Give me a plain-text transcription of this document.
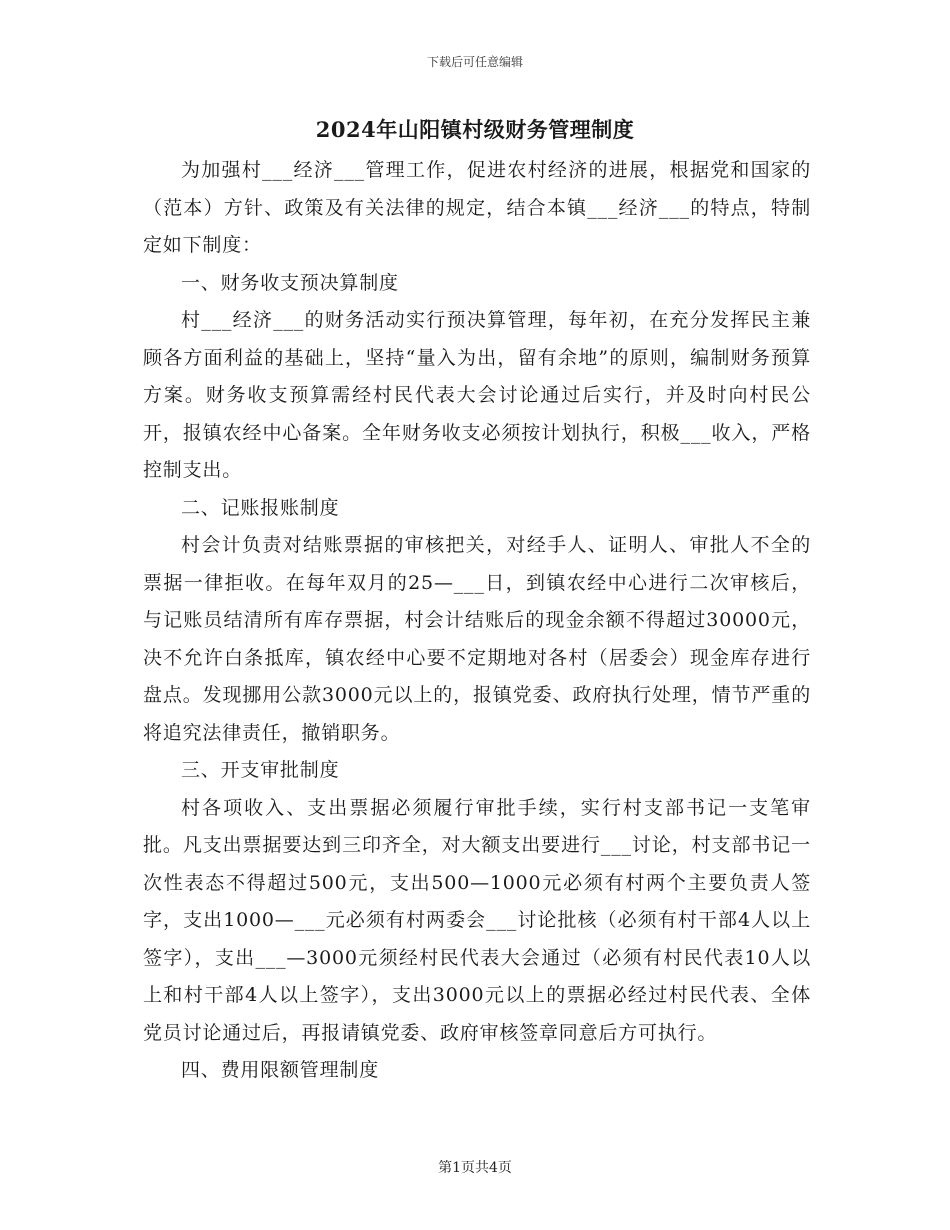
下载后可任意编辑
2024年山阳镇村级财务管理制度

为加强村___经济___管理工作，促进农村经济的进展，根据党和国家的（范本）方针、政策及有关法律的规定，结合本镇___经济___的特点，特制定如下制度：

一、财务收支预决算制度

村___经济___的财务活动实行预决算管理，每年初，在充分发挥民主兼顾各方面利益的基础上，坚持“量入为出，留有余地”的原则，编制财务预算方案。财务收支预算需经村民代表大会讨论通过后实行，并及时向村民公开，报镇农经中心备案。全年财务收支必须按计划执行，积极___收入，严格控制支出。

二、记账报账制度

村会计负责对结账票据的审核把关，对经手人、证明人、审批人不全的票据一律拒收。在每年双月的25—___日，到镇农经中心进行二次审核后，与记账员结清所有库存票据，村会计结账后的现金余额不得超过30000元，决不允许白条抵库，镇农经中心要不定期地对各村（居委会）现金库存进行盘点。发现挪用公款3000元以上的，报镇党委、政府执行处理，情节严重的将追究法律责任，撤销职务。

三、开支审批制度

村各项收入、支出票据必须履行审批手续，实行村支部书记一支笔审批。凡支出票据要达到三印齐全，对大额支出要进行___讨论，村支部书记一次性表态不得超过500元，支出500—1000元必须有村两个主要负责人签字，支出1000—___元必须有村两委会___讨论批核（必须有村干部4人以上签字），支出___—3000元须经村民代表大会通过（必须有村民代表10人以上和村干部4人以上签字），支出3000元以上的票据必经过村民代表、全体党员讨论通过后，再报请镇党委、政府审核签章同意后方可执行。

四、费用限额管理制度

第1页共4页
